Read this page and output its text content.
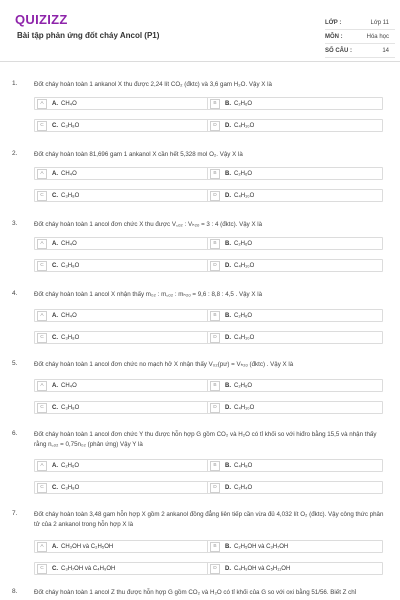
QUIZIZZ
Bài tập phản ứng đốt cháy Ancol (P1)
LỚP :	Lớp 11
MÔN :	Hóa học
SỐ CÂU :	14
1.	Đốt cháy hoàn toàn 1 ankanol X thu được 2,24 lít CO₂ (đktc) và 3,6 gam H₂O. Vậy X là
A	A. CH₄O	B	B. C₂H₆O
C	C. C₃H₈O	D	D. C₄H₁₀O
2.	Đốt cháy hoàn toàn 81,696 gam 1 ankanol X cần hết 5,328 mol O₂. Vậy X là
A	A. CH₄O	B	B. C₂H₆O
C	C. C₃H₈O	D	D. C₄H₁₀O
3.	Đốt cháy hoàn toàn 1 ancol đơn chức X thu được V꜀ₒ₂ : Vₕ₂ₒ = 3 : 4 (đktc). Vậy X là
A	A. CH₄O	B	B. C₂H₆O
C	C. C₃H₈O	D	D. C₄H₁₀O
4.	Đốt cháy hoàn toàn 1 ancol X nhận thấy m₀₂ : m꜀ₒ₂ : mₕ₂ₒ = 9,6 : 8,8 : 4,5 . Vậy X là
A	A. CH₄O	B	B. C₂H₆O
C	C. C₃H₈O	D	D. C₄H₁₀O
5.	Đốt cháy hoàn toàn 1 ancol đơn chức no mạch hở X nhận thấy V₀₂(pư) = Vₕ₂ₒ (đktc) . Vậy X là
A	A. CH₄O	B	B. C₂H₆O
C	C. C₃H₈O	D	D. C₄H₁₀O
6.	Đốt cháy hoàn toàn 1 ancol đơn chức Y thu được hỗn hợp G gồm CO₂ và H₂O có tỉ khối so với hiđro bằng 15,5 và nhận thấy rằng n꜀ₒ₂ = 0,75n₀₂ (phản ứng) Vậy Y là
A	A. C₂H₆O	B	B. C₄H₈O
C	C. C₃H₈O	D	D. C₂H₄O
7.	Đốt cháy hoàn toàn 3,48 gam hỗn hợp X gồm 2 ankanol đồng đẳng liên tiếp cần vừa đủ 4,032 lít O₂ (đktc). Vậy công thức phân tử của 2 ankanol trong hỗn hợp X là
A	A. CH₃OH và C₂H₅OH	B	B. C₂H₅OH và C₃H₇OH
C	C. C₃H₇OH và C₄H₉OH	D	D. C₄H₉OH và C₅H₁₁OH
8.	Đốt cháy hoàn toàn 1 ancol Z thu được hỗn hợp G gồm CO₂ và H₂O có tỉ khối của G so với oxi bằng 51/56. Biết Z chỉ
